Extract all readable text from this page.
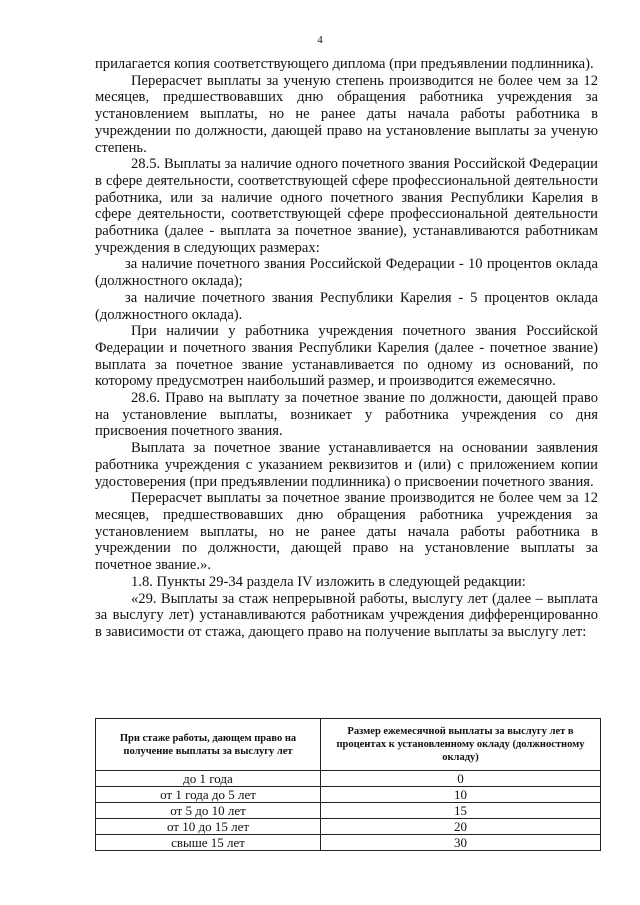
4

прилагается копия соответствующего диплома (при предъявлении подлинника).

Перерасчет выплаты за ученую степень производится не более чем за 12 месяцев, предшествовавших дню обращения работника учреждения за установлением выплаты, но не ранее даты начала работы работника в учреждении по должности, дающей право на установление выплаты за ученую степень.

28.5. Выплаты за наличие одного почетного звания Российской Федерации в сфере деятельности, соответствующей сфере профессиональной деятельности работника, или за наличие одного почетного звания Республики Карелия в сфере деятельности, соответствующей сфере профессиональной деятельности работника (далее - выплата за почетное звание), устанавливаются работникам учреждения в следующих размерах:

за наличие почетного звания Российской Федерации - 10 процентов оклада (должностного оклада);

за наличие почетного звания Республики Карелия - 5 процентов оклада (должностного оклада).

При наличии у работника учреждения почетного звания Российской Федерации и почетного звания Республики Карелия (далее - почетное звание) выплата за почетное звание устанавливается по одному из оснований, по которому предусмотрен наибольший размер, и производится ежемесячно.

28.6. Право на выплату за почетное звание по должности, дающей право на установление выплаты, возникает у работника учреждения со дня присвоения почетного звания.

Выплата за почетное звание устанавливается на основании заявления работника учреждения с указанием реквизитов и (или) с приложением копии удостоверения (при предъявлении подлинника) о присвоении почетного звания.

Перерасчет выплаты за почетное звание производится не более чем за 12 месяцев, предшествовавших дню обращения работника учреждения за установлением выплаты, но не ранее даты начала работы работника в учреждении по должности, дающей право на установление выплаты за почетное звание.».

1.8. Пункты 29-34 раздела IV изложить в следующей редакции:

«29. Выплаты за стаж непрерывной работы, выслугу лет (далее – выплата за выслугу лет) устанавливаются работникам учреждения дифференцированно в зависимости от стажа, дающего право на получение выплаты за выслугу лет:

При стаже работы, дающем право на получение выплаты за выслугу лет	Размер ежемесячной выплаты за выслугу лет в процентах к установленному окладу (должностному окладу)
до 1 года	0
от 1 года до 5 лет	10
от 5 до 10 лет	15
от 10 до 15 лет	20
свыше 15 лет	30
